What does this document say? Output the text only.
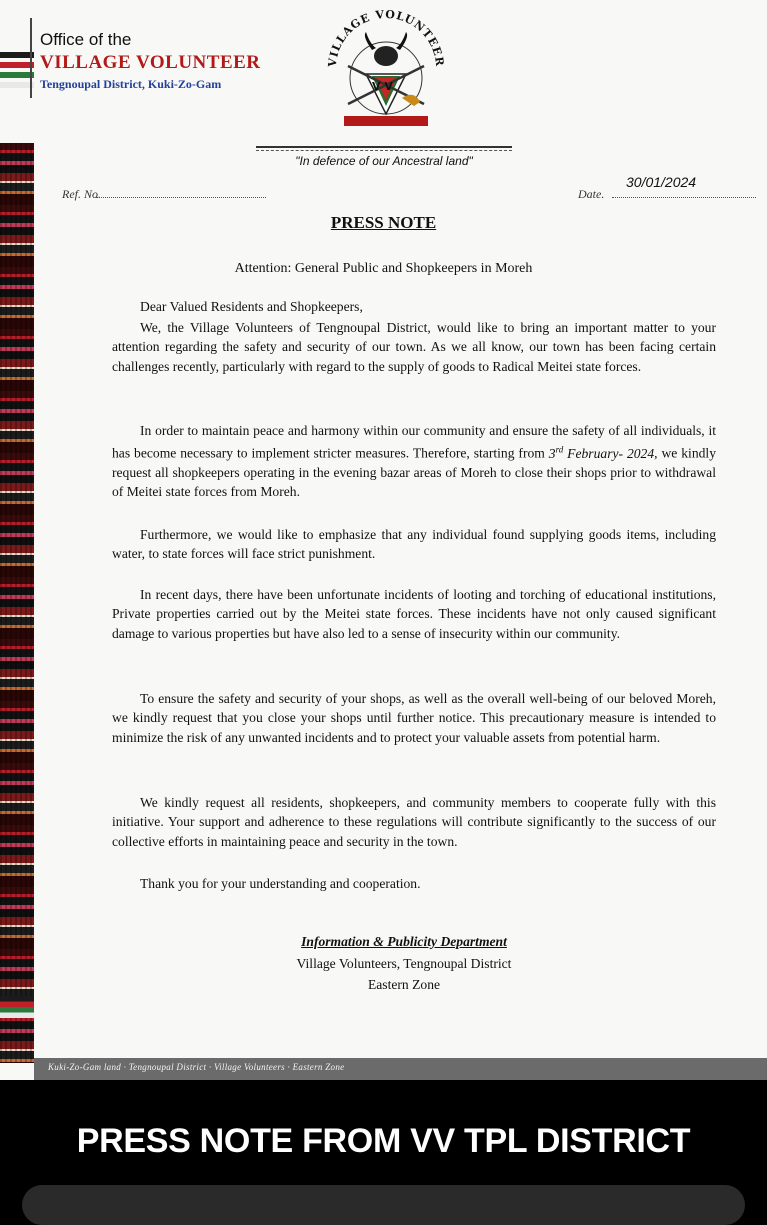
Office of the
VILLAGE VOLUNTEER
Tengnoupal District, Kuki-Zo-Gam
VILLAGE VOLUNTEER
V V
"In defence of our Ancestral land"
Ref. No.	Date.
30/01/2024
PRESS NOTE
Attention: General Public and Shopkeepers in Moreh
Dear Valued Residents and Shopkeepers,

We, the Village Volunteers of Tengnoupal District, would like to bring an important matter to your attention regarding the safety and security of our town. As we all know, our town has been facing certain challenges recently, particularly with regard to the supply of goods to Radical Meitei state forces.

In order to maintain peace and harmony within our community and ensure the safety of all individuals, it has become necessary to implement stricter measures. Therefore, starting from 3rd February- 2024, we kindly request all shopkeepers operating in the evening bazar areas of Moreh to close their shops prior to withdrawal of Meitei state forces from Moreh.

Furthermore, we would like to emphasize that any individual found supplying goods items, including water, to state forces will face strict punishment.

In recent days, there have been unfortunate incidents of looting and torching of educational institutions, Private properties carried out by the Meitei state forces. These incidents have not only caused significant damage to various properties but have also led to a sense of insecurity within our community.

To ensure the safety and security of your shops, as well as the overall well-being of our beloved Moreh, we kindly request that you close your shops until further notice. This precautionary measure is intended to minimize the risk of any unwanted incidents and to protect your valuable assets from potential harm.

We kindly request all residents, shopkeepers, and community members to cooperate fully with this initiative. Your support and adherence to these regulations will contribute significantly to the success of our collective efforts in maintaining peace and security in the town.

Thank you for your understanding and cooperation.

Information & Publicity Department
Village Volunteers, Tengnoupal District
Eastern Zone
Kuki-Zo-Gam land · Tengnoupal District · Village Volunteers · Eastern Zone
PRESS NOTE FROM VV TPL DISTRICT
